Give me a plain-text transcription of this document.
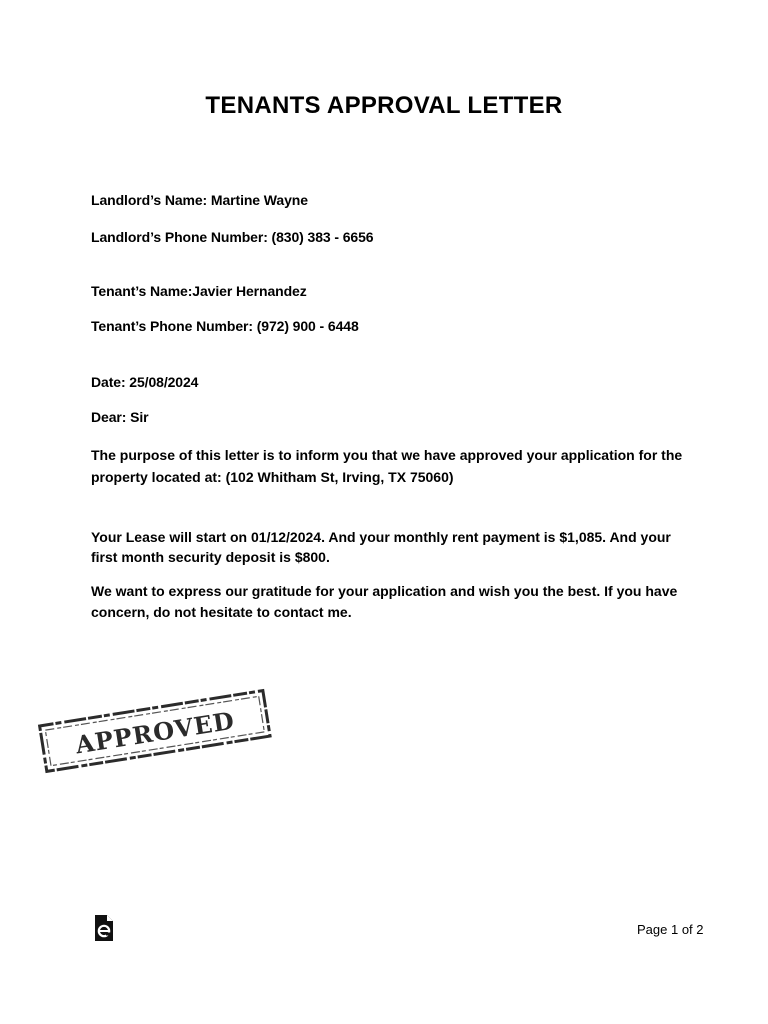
TENANTS APPROVAL LETTER
Landlord’s Name: Martine Wayne
Landlord’s Phone Number: (830) 383 - 6656
Tenant’s Name:Javier Hernandez
Tenant’s Phone Number: (972) 900 - 6448
Date: 25/08/2024
Dear: Sir
The purpose of this letter is to inform you that we have approved your application for the property located at: (102 Whitham St, Irving, TX 75060)
Your Lease will start on 01/12/2024. And your monthly rent payment is $1,085. And your first month security deposit is $800.
We want to express our gratitude for your application and wish you the best. If you have concern, do not hesitate to contact me.
APPROVED
Page 1 of 2
